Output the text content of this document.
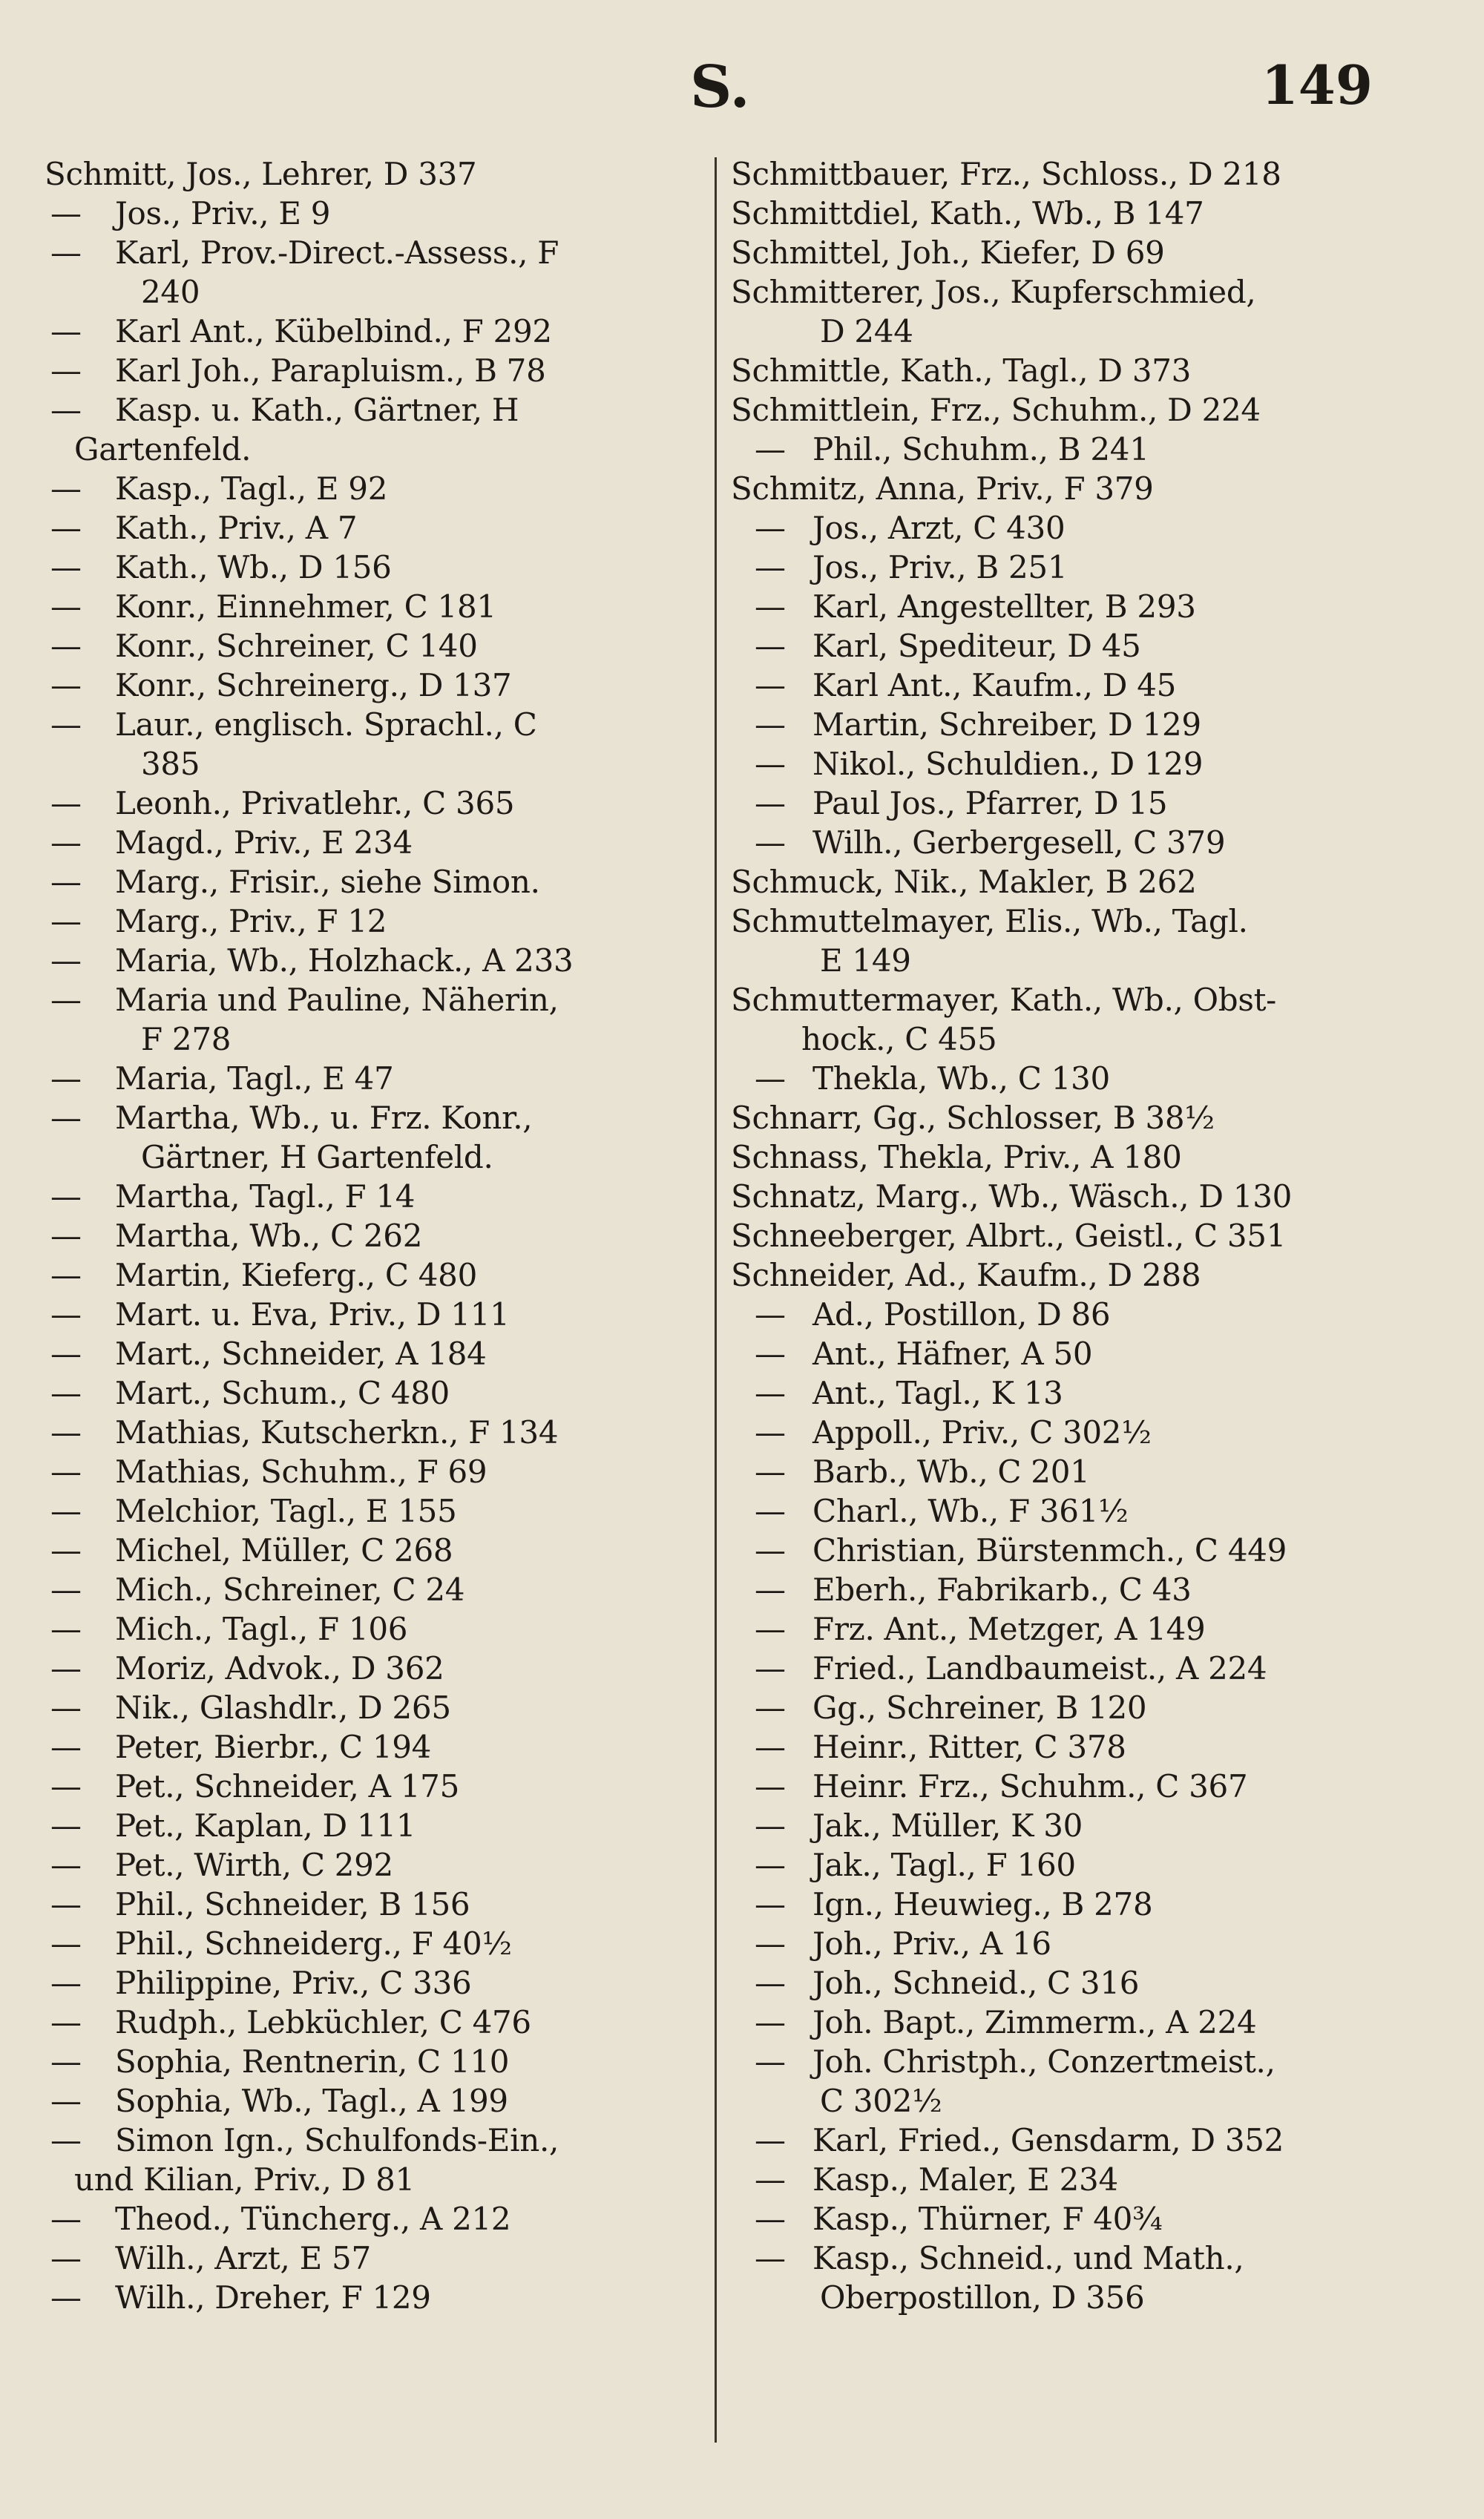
S.	149
Schmitt, Jos., Lehrer, D 337
— Jos., Priv., E 9
— Karl, Prov.-Direct.-Assess., F
240
— Karl Ant., Kübelbind., F 292
— Karl Joh., Parapluism., B 78
— Kasp. u. Kath., Gärtner, H
Gartenfeld.
— Kasp., Tagl., E 92
— Kath., Priv., A 7
— Kath., Wb., D 156
— Konr., Einnehmer, C 181
— Konr., Schreiner, C 140
— Konr., Schreinerg., D 137
— Laur., englisch. Sprachl., C
385
— Leonh., Privatlehr., C 365
— Magd., Priv., E 234
— Marg., Frisir., siehe Simon.
— Marg., Priv., F 12
— Maria, Wb., Holzhack., A 233
— Maria und Pauline, Näherin,
F 278
— Maria, Tagl., E 47
— Martha, Wb., u. Frz. Konr.,
Gärtner, H Gartenfeld.
— Martha, Tagl., F 14
— Martha, Wb., C 262
— Martin, Kieferg., C 480
— Mart. u. Eva, Priv., D 111
— Mart., Schneider, A 184
— Mart., Schum., C 480
— Mathias, Kutscherkn., F 134
— Mathias, Schuhm., F 69
— Melchior, Tagl., E 155
— Michel, Müller, C 268
— Mich., Schreiner, C 24
— Mich., Tagl., F 106
— Moriz, Advok., D 362
— Nik., Glashdlr., D 265
— Peter, Bierbr., C 194
— Pet., Schneider, A 175
— Pet., Kaplan, D 111
— Pet., Wirth, C 292
— Phil., Schneider, B 156
— Phil., Schneiderg., F 40½
— Philippine, Priv., C 336
— Rudph., Lebküchler, C 476
— Sophia, Rentnerin, C 110
— Sophia, Wb., Tagl., A 199
— Simon Ign., Schulfonds-Ein.,
und Kilian, Priv., D 81
— Theod., Tüncherg., A 212
— Wilh., Arzt, E 57
— Wilh., Dreher, F 129
Schmittbauer, Frz., Schloss., D 218
Schmittdiel, Kath., Wb., B 147
Schmittel, Joh., Kiefer, D 69
Schmitterer, Jos., Kupferschmied,
D 244
Schmittle, Kath., Tagl., D 373
Schmittlein, Frz., Schuhm., D 224
— Phil., Schuhm., B 241
Schmitz, Anna, Priv., F 379
— Jos., Arzt, C 430
— Jos., Priv., B 251
— Karl, Angestellter, B 293
— Karl, Spediteur, D 45
— Karl Ant., Kaufm., D 45
— Martin, Schreiber, D 129
— Nikol., Schuldien., D 129
— Paul Jos., Pfarrer, D 15
— Wilh., Gerbergesell, C 379
Schmuck, Nik., Makler, B 262
Schmuttelmayer, Elis., Wb., Tagl.
E 149
Schmuttermayer, Kath., Wb., Obst-
hock., C 455
— Thekla, Wb., C 130
Schnarr, Gg., Schlosser, B 38½
Schnass, Thekla, Priv., A 180
Schnatz, Marg., Wb., Wäsch., D 130
Schneeberger, Albrt., Geistl., C 351
Schneider, Ad., Kaufm., D 288
— Ad., Postillon, D 86
— Ant., Häfner, A 50
— Ant., Tagl., K 13
— Appoll., Priv., C 302½
— Barb., Wb., C 201
— Charl., Wb., F 361½
— Christian, Bürstenmch., C 449
— Eberh., Fabrikarb., C 43
— Frz. Ant., Metzger, A 149
— Fried., Landbaumeist., A 224
— Gg., Schreiner, B 120
— Heinr., Ritter, C 378
— Heinr. Frz., Schuhm., C 367
— Jak., Müller, K 30
— Jak., Tagl., F 160
— Ign., Heuwieg., B 278
— Joh., Priv., A 16
— Joh., Schneid., C 316
— Joh. Bapt., Zimmerm., A 224
— Joh. Christph., Conzertmeist.,
C 302½
— Karl, Fried., Gensdarm, D 352
— Kasp., Maler, E 234
— Kasp., Thürner, F 40¾
— Kasp., Schneid., und Math.,
Oberpostillon, D 356
